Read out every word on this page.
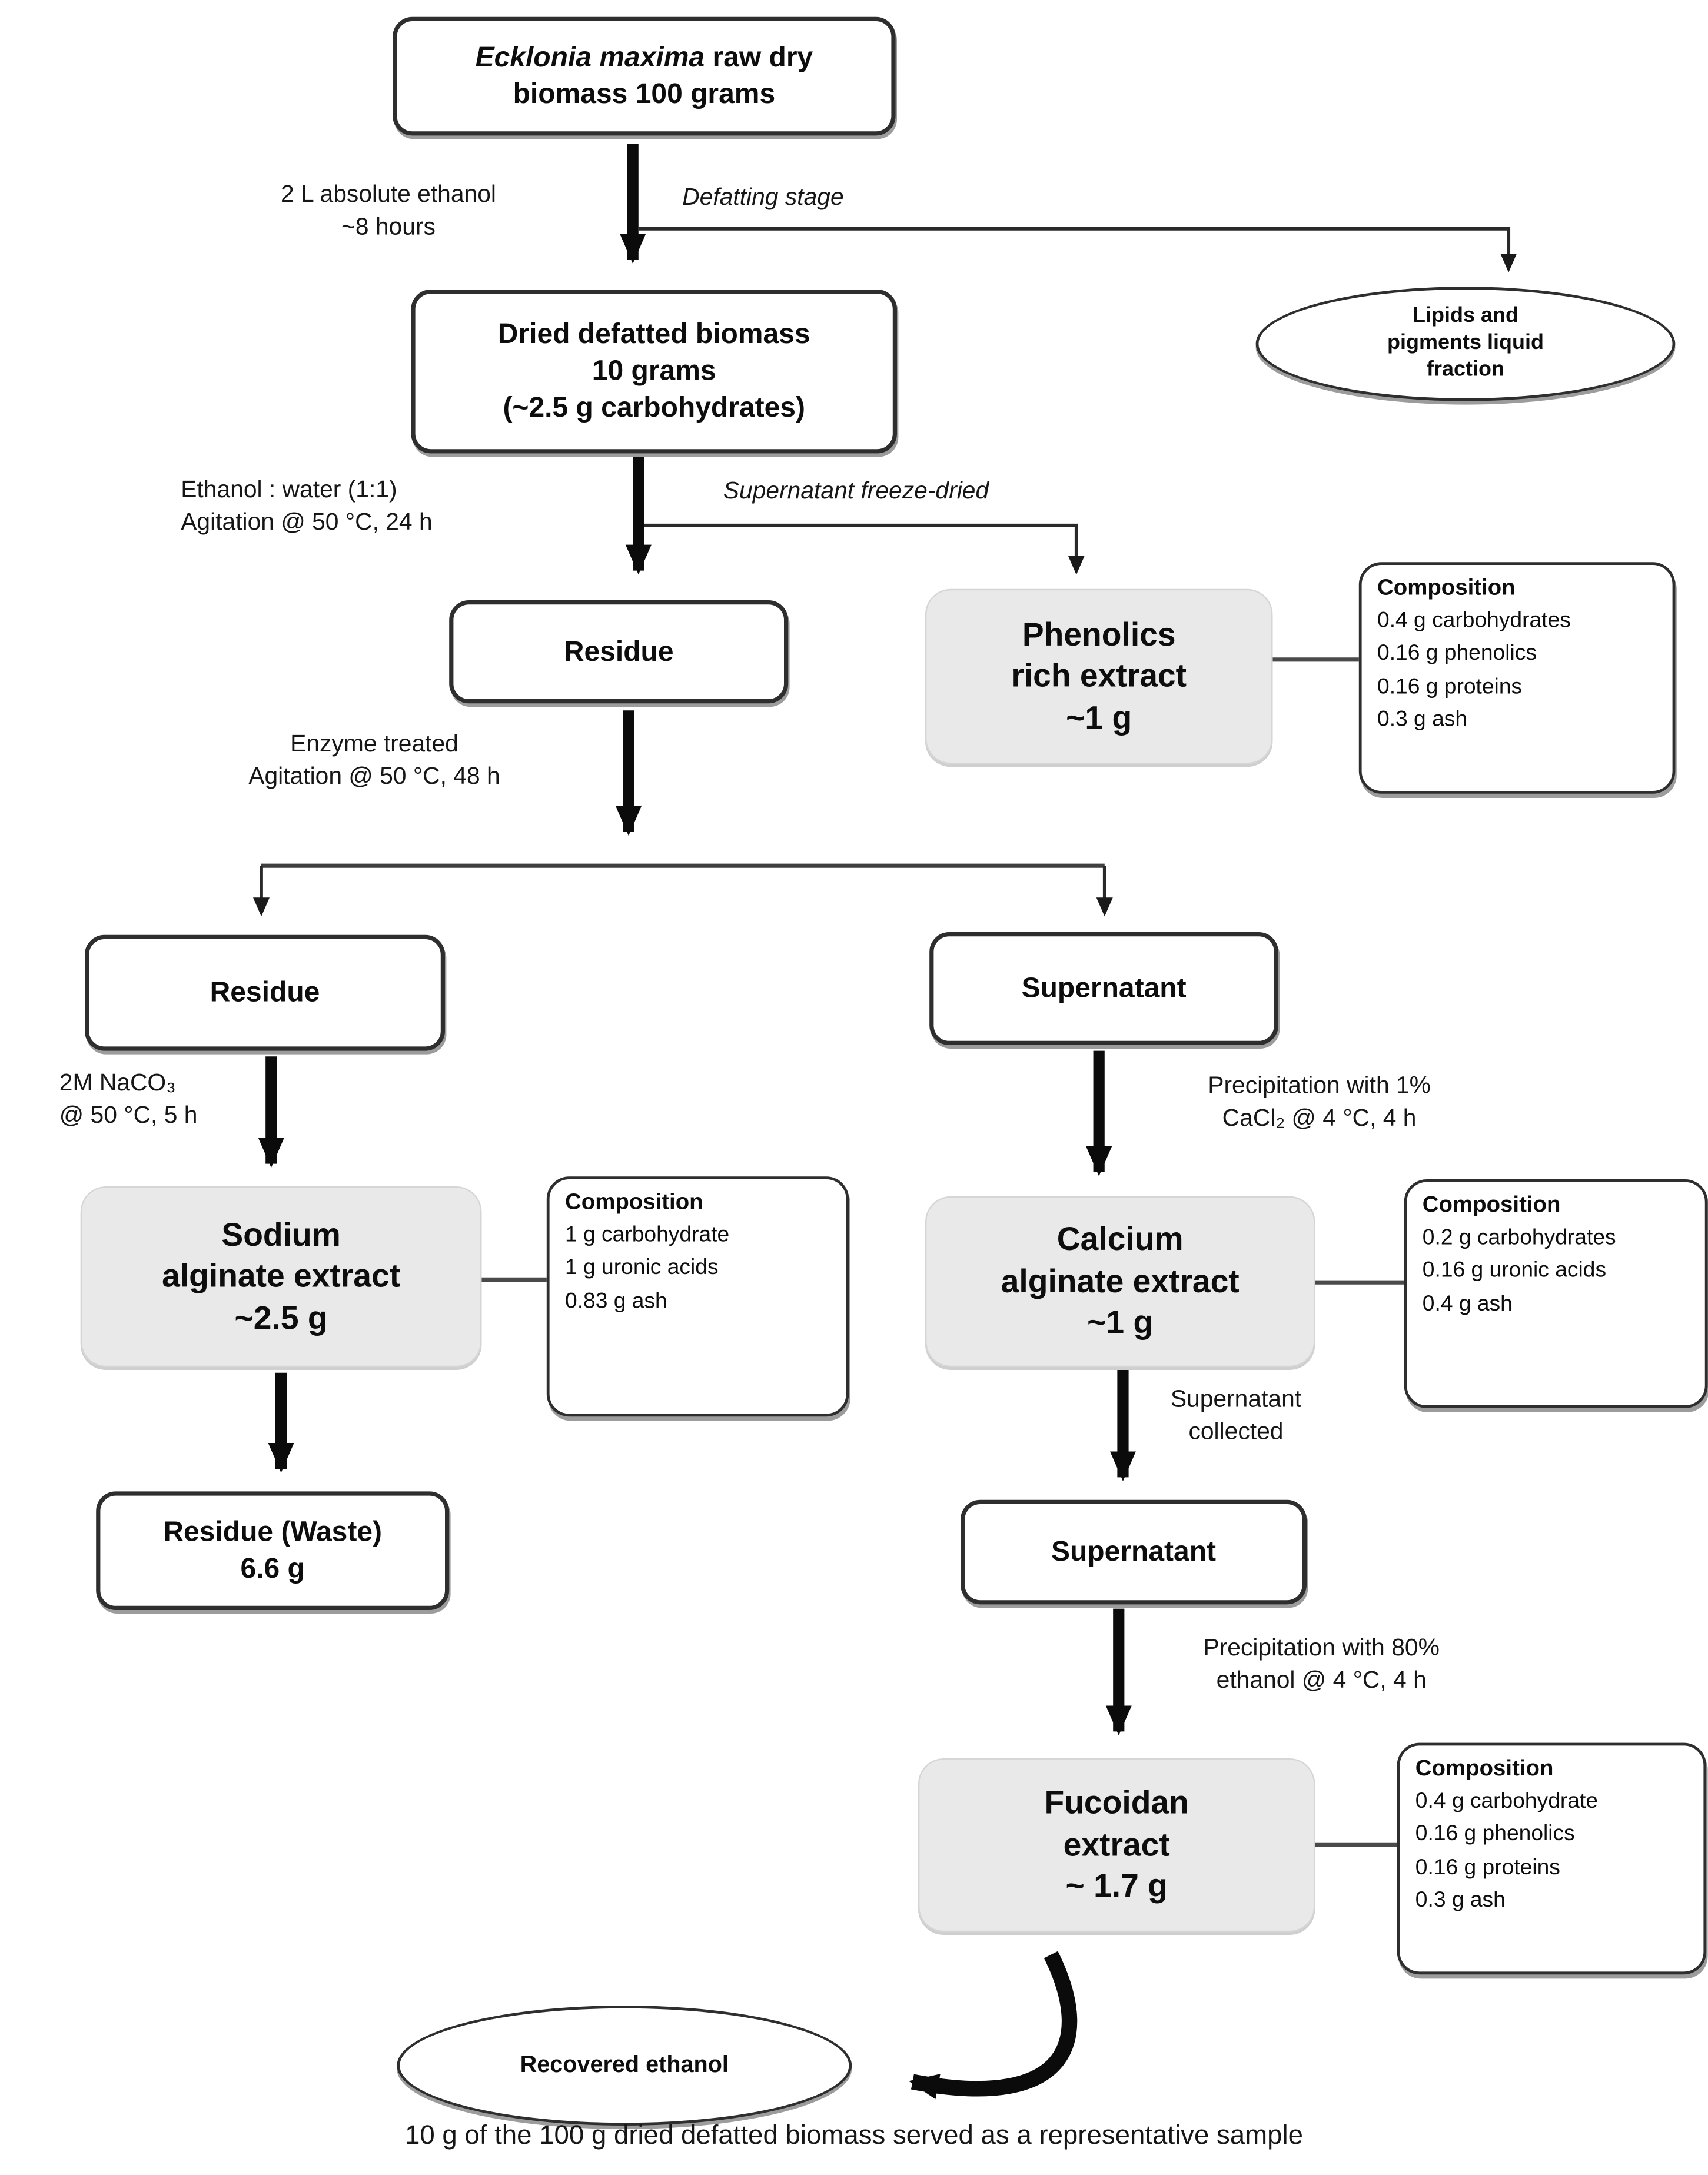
Ecklonia maxima raw dry
biomass 100 grams
2 L absolute ethanol
~8 hours
Defatting stage
Lipids and
pigments liquid
fraction
Dried defatted biomass
10 grams
(~2.5 g carbohydrates)
Ethanol : water (1:1)
Agitation @ 50 °C, 24 h
Supernatant freeze-dried
Residue	Phenolics
rich extract
~1 g
Composition
0.4 g carbohydrates
0.16 g phenolics
0.16 g proteins
0.3 g ash
Enzyme treated
Agitation @ 50 °C, 48 h
Residue	Supernatant
2M NaCO₃
@ 50 °C, 5 h
Precipitation with 1%
CaCl₂ @ 4 °C, 4 h
Sodium
alginate extract
~2.5 g
Composition
1 g carbohydrate
1 g uronic acids
0.83 g ash
Calcium
alginate extract
~1 g
Composition
0.2 g carbohydrates
0.16 g uronic acids
0.4 g ash
Supernatant
collected
Residue (Waste)
6.6 g
Supernatant
Precipitation with 80%
ethanol @ 4 °C, 4 h
Fucoidan
extract
~ 1.7 g
Composition
0.4 g carbohydrate
0.16 g phenolics
0.16 g proteins
0.3 g ash
Recovered ethanol
10 g of the 100 g dried defatted biomass served as a representative sample
